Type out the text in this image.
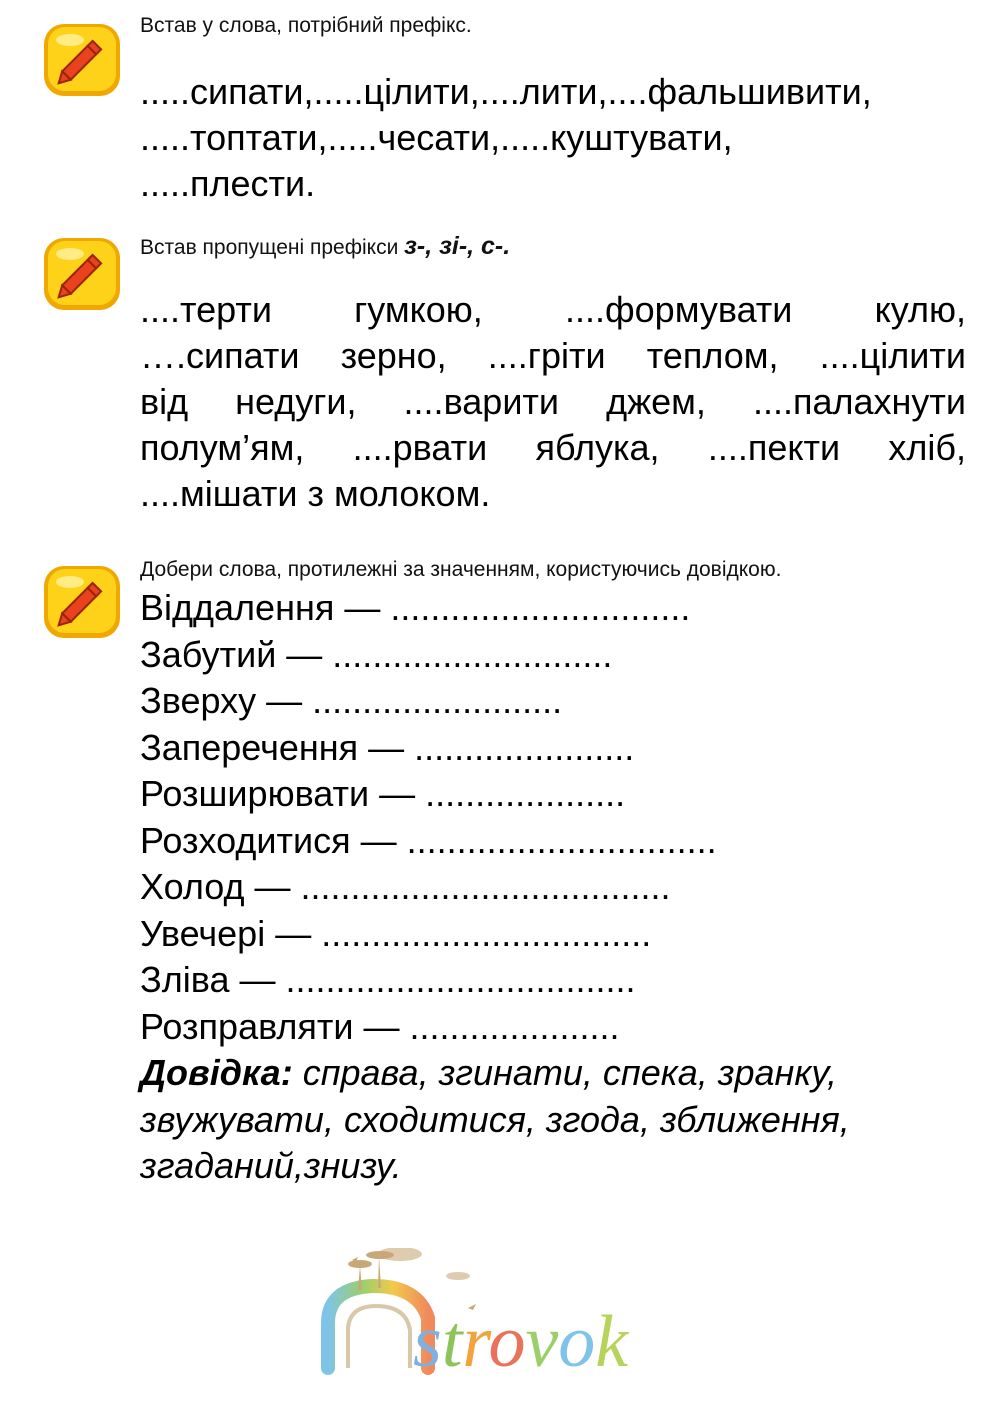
Встав у слова, потрібний префікс.
.....сипати,.....цілити,....лити,....фальшивити,
.....топтати,.....чесати,.....куштувати,
.....плести.
Встав пропущені префікси з-, зі-, с-.
....терти гумкою, ....формувати кулю,
….сипати зерно, ....гріти теплом, ....цілити
від недуги, ....варити джем, ....палахнути
полум’ям, ....рвати яблука, ....пекти хліб,
....мішати з молоком.
Добери слова, протилежні за значенням, користуючись довідкою.
Віддалення — ..............................
Забутий — ............................
Зверху — .........................
Заперечення — ......................
Розширювати — ....................
Розходитися — ...............................
Холод — .....................................
Увечері — .................................
Зліва — ...................................
Розправляти — .....................
Довідка: справа, згинати, спека, зранку, звужувати, сходитися, згода, зближення, згаданий,знизу.
strovok
